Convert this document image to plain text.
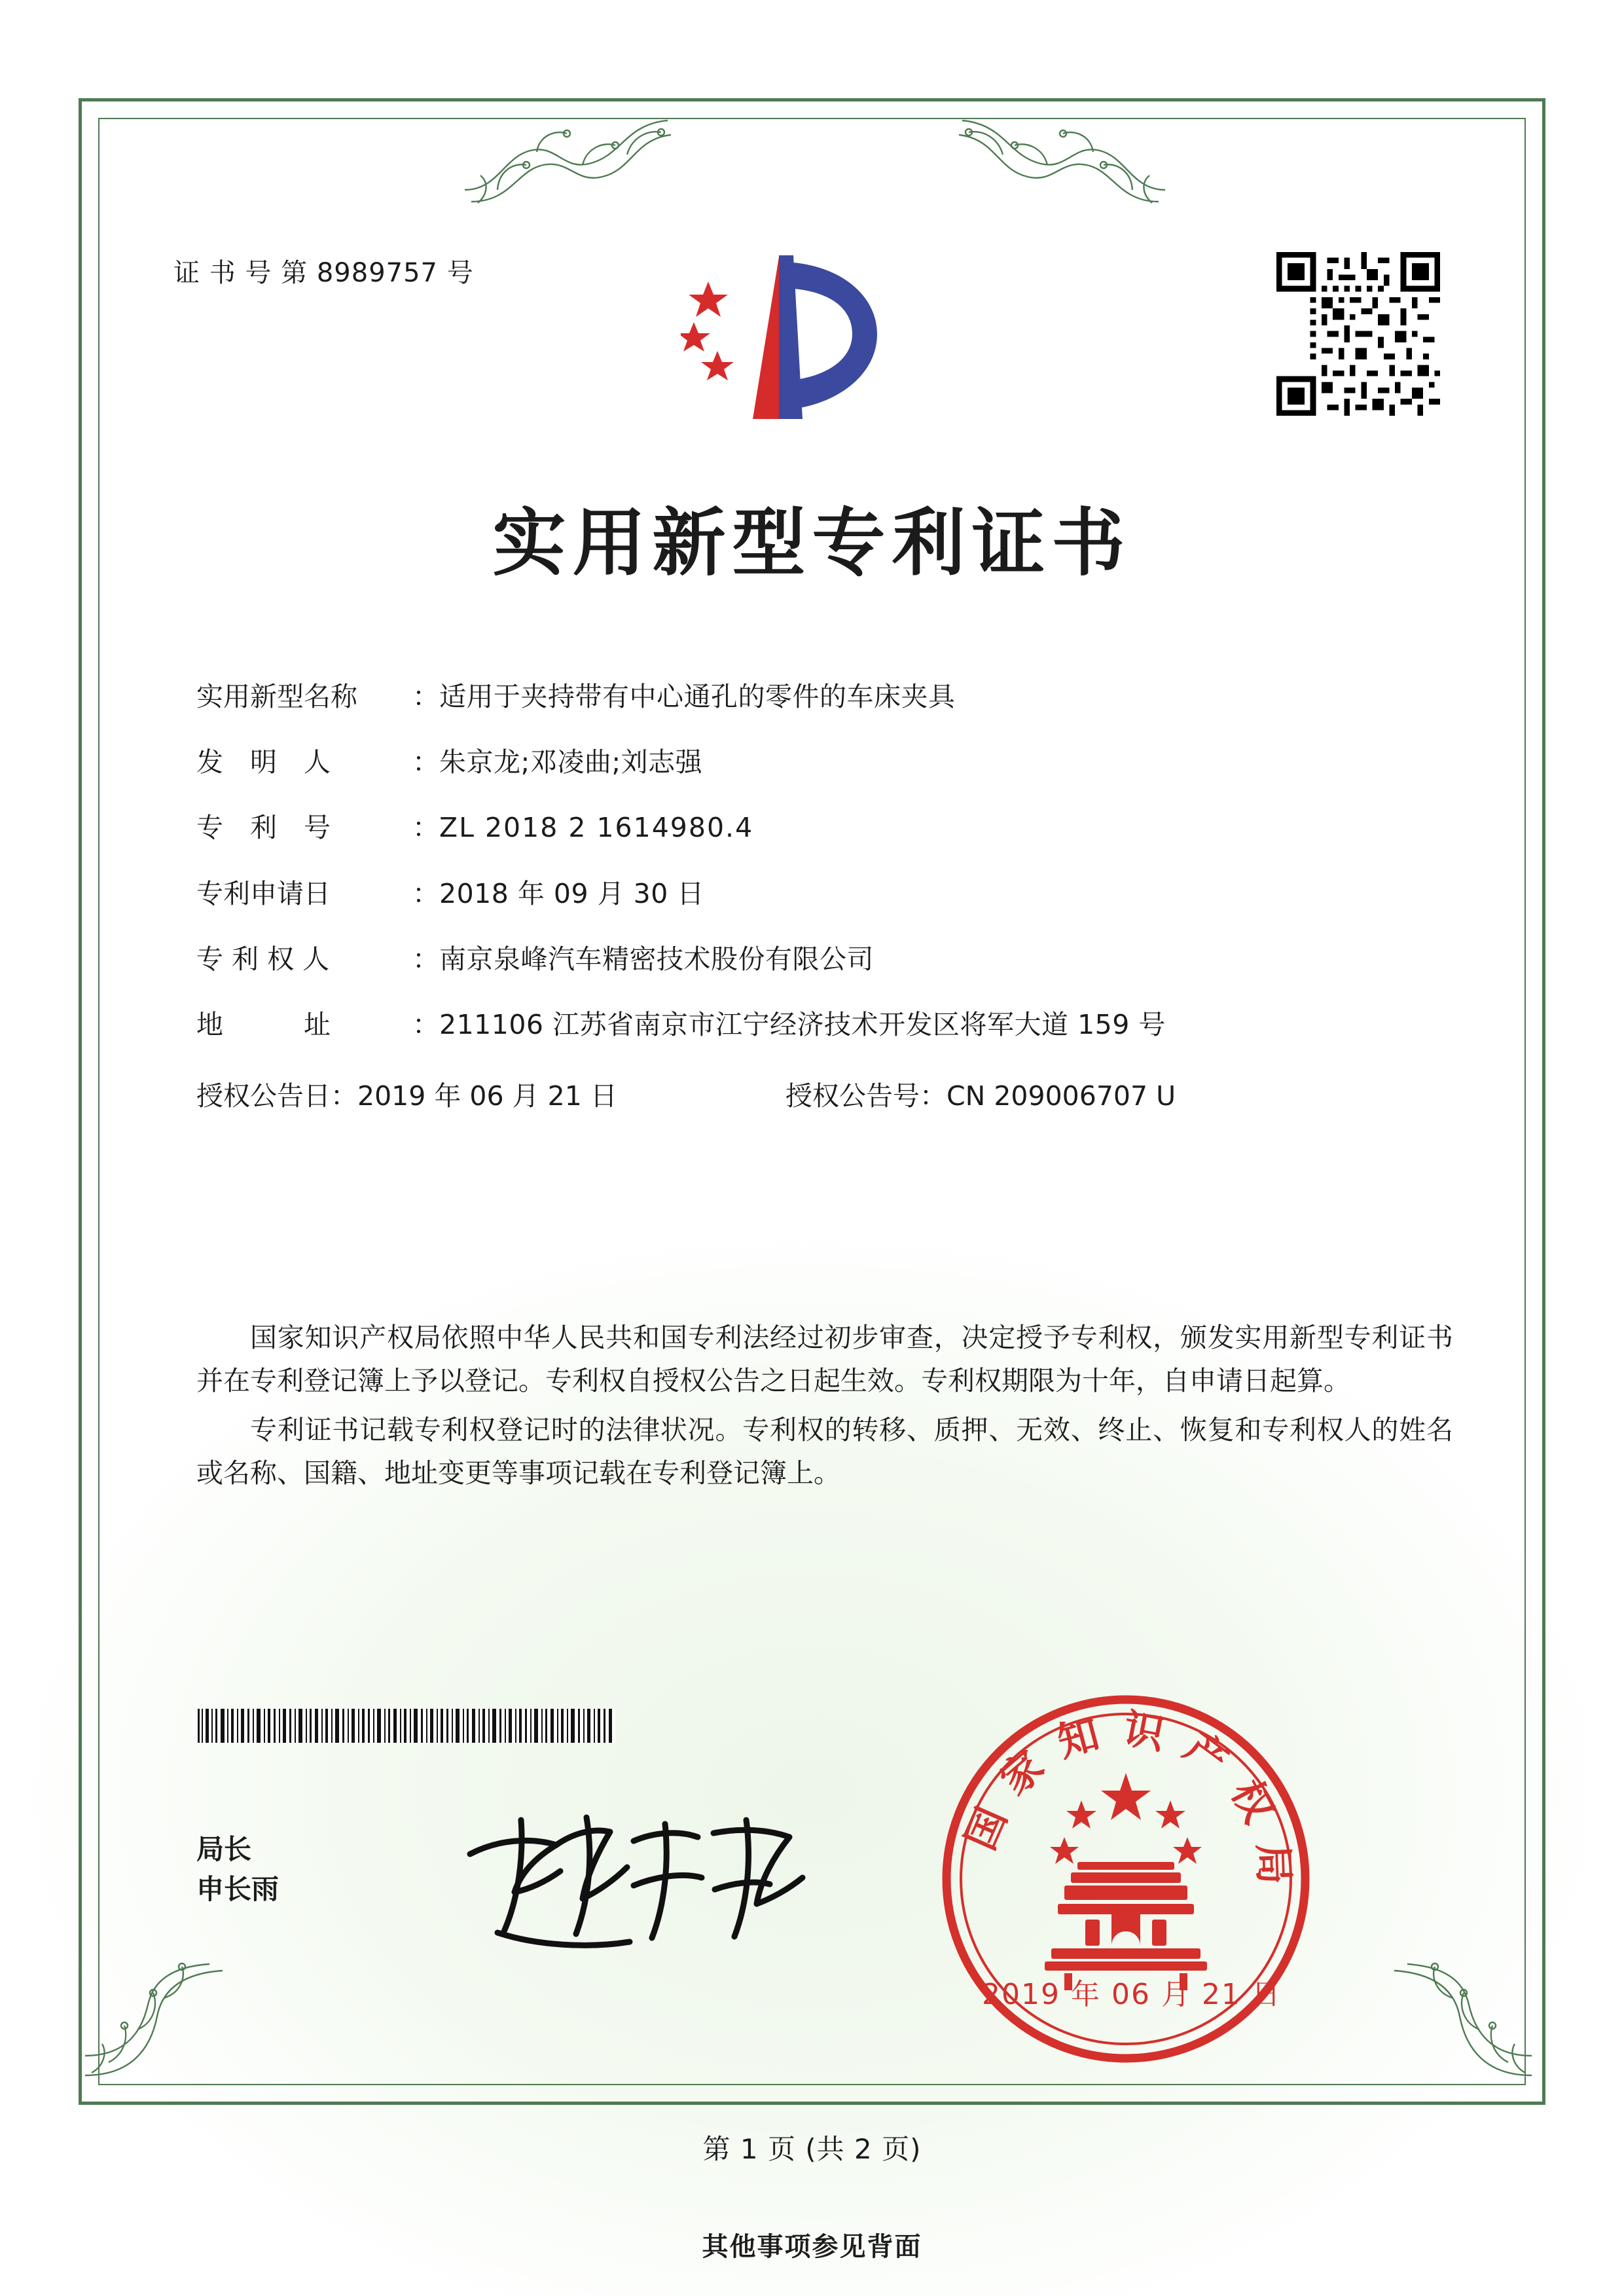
证 书 号 第 8989757 号
实用新型专利证书
实用新型名称	： 适用于夹持带有中心通孔的零件的车床夹具
发　明　人	： 朱京龙;邓凌曲;刘志强
专　利　号	： ZL 2018 2 1614980.4
专利申请日	： 2018 年 09 月 30 日
专 利 权 人	： 南京泉峰汽车精密技术股份有限公司
地　　　址	： 211106 江苏省南京市江宁经济技术开发区将军大道 159 号
授权公告日：2019 年 06 月 21 日	授权公告号：CN 209006707 U

国家知识产权局依照中华人民共和国专利法经过初步审查，决定授予专利权，颁发实用新型专利证书并在专利登记簿上予以登记。专利权自授权公告之日起生效。专利权期限为十年，自申请日起算。

专利证书记载专利权登记时的法律状况。专利权的转移、质押、无效、终止、恢复和专利权人的姓名或名称、国籍、地址变更等事项记载在专利登记簿上。

局长
申长雨
国家知识产权局
2019 年 06 月 21 日
第 1 页 (共 2 页)
其他事项参见背面
